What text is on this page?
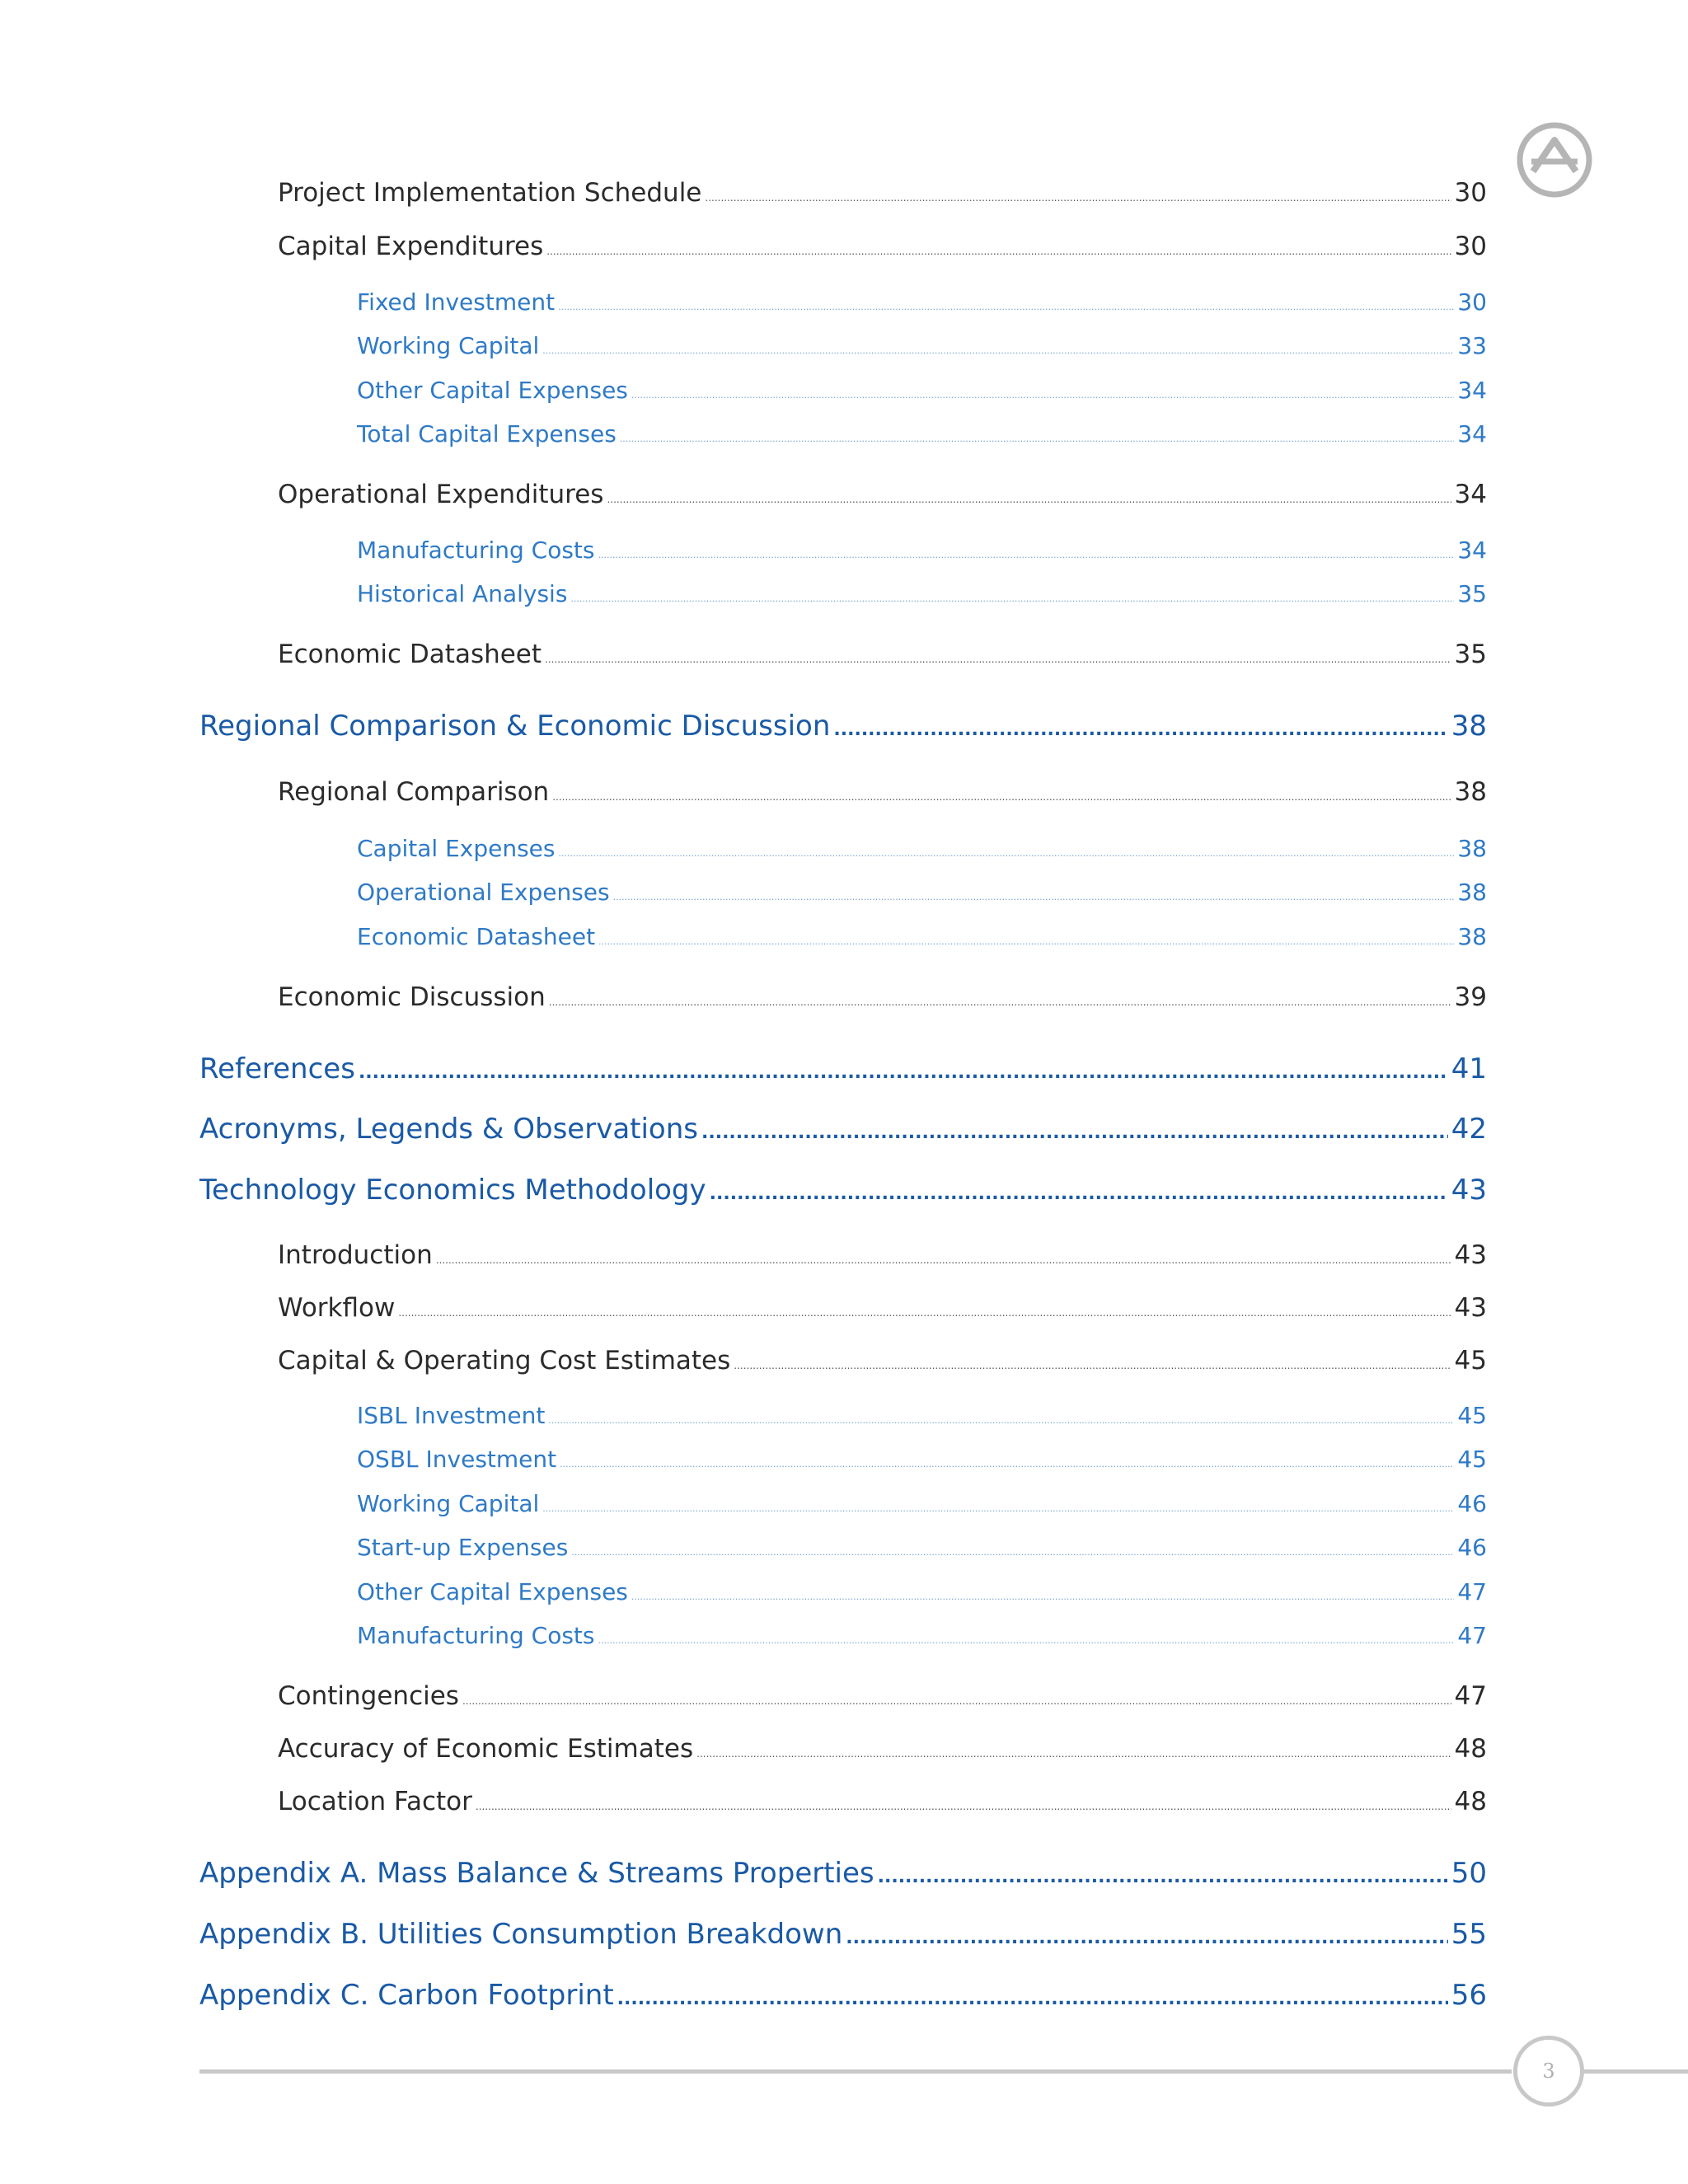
Project Implementation Schedule .....	30
Capital Expenditures .....	30
Fixed Investment .....	30
Working Capital .....	33
Other Capital Expenses .....	34
Total Capital Expenses .....	34
Operational Expenditures .....	34
Manufacturing Costs .....	34
Historical Analysis .....	35
Economic Datasheet .....	35
Regional Comparison & Economic Discussion .....	38
Regional Comparison .....	38
Capital Expenses .....	38
Operational Expenses .....	38
Economic Datasheet .....	38
Economic Discussion .....	39
References .....	41
Acronyms, Legends & Observations .....	42
Technology Economics Methodology .....	43
Introduction .....	43
Workflow .....	43
Capital & Operating Cost Estimates .....	45
ISBL Investment .....	45
OSBL Investment .....	45
Working Capital .....	46
Start-up Expenses .....	46
Other Capital Expenses .....	47
Manufacturing Costs .....	47
Contingencies .....	47
Accuracy of Economic Estimates .....	48
Location Factor .....	48
Appendix A. Mass Balance & Streams Properties .....	50
Appendix B. Utilities Consumption Breakdown .....	55
Appendix C. Carbon Footprint .....	56
3
